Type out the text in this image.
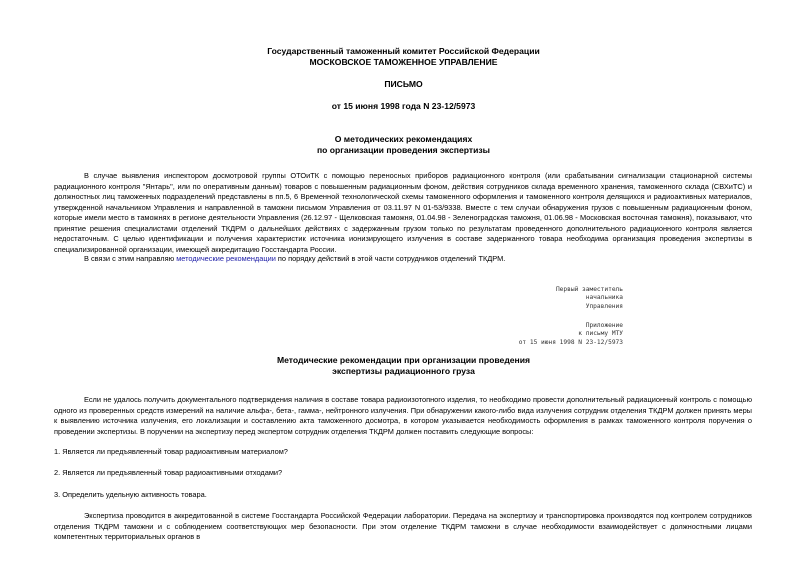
Государственный таможенный комитет Российской Федерации

МОСКОВСКОЕ ТАМОЖЕННОЕ УПРАВЛЕНИЕ

ПИСЬМО

от 15 июня 1998 года N 23-12/5973

О методических рекомендациях

по организации проведения экспертизы

В случае выявления инспектором досмотровой группы ОТОиТК с помощью переносных приборов радиационного контроля (или срабатывании сигнализации стационарной системы радиационного контроля "Янтарь", или по оперативным данным) товаров с повышенным радиационным фоном, действия сотрудников склада временного хранения, таможенного склада (СВХиТС) и должностных лиц таможенных подразделений представлены в пп.5, 6 Временной технологической схемы таможенного оформления и таможенного контроля делящихся и радиоактивных материалов, утвержденной начальником Управления и направленной в таможни письмом Управления от 03.11.97 N 01-53/9338. Вместе с тем случаи обнаружения грузов с повышенным радиационным фоном, которые имели место в таможнях в регионе деятельности Управления (26.12.97 - Щелковская таможня, 01.04.98 - Зеленоградская таможня, 01.06.98 - Московская восточная таможня), показывают, что принятие решения специалистами отделений ТКДРМ о дальнейших действиях с задержанным грузом только по результатам проведенного дополнительного радиационного контроля является недостаточным. С целью идентификации и получения характеристик источника ионизирующего излучения в составе задержанного товара необходима организация проведения экспертизы в специализированной организации, имеющей аккредитацию Госстандарта России.

В связи с этим направляю методические рекомендации по порядку действий в этой части сотрудников отделений ТКДРМ.

Первый заместитель
начальника
Управления
Приложение
к письму МТУ
от 15 июня 1998 N 23-12/5973

Методические рекомендации при организации проведения

экспертизы радиационного груза

Если не удалось получить документального подтверждения наличия в составе товара радиоизотопного изделия, то необходимо провести дополнительный радиационный контроль с помощью одного из проверенных средств измерений на наличие альфа-, бета-, гамма-, нейтронного излучения. При обнаружении какого-либо вида излучения сотрудник отделения ТКДРМ должен принять меры к выявлению источника излучения, его локализации и составлению акта таможенного досмотра, в котором указывается необходимость оформления в рамках таможенного контроля поручения о проведении экспертизы. В поручении на экспертизу перед экспертом сотрудник отделения ТКДРМ должен поставить следующие вопросы:

1. Является ли предъявленный товар радиоактивным материалом?

2. Является ли предъявленный товар радиоактивными отходами?

3. Определить удельную активность товара.

Экспертиза проводится в аккредитованной в системе Госстандарта Российской Федерации лаборатории. Передача на экспертизу и транспортировка производятся под контролем сотрудников отделения ТКДРМ таможни и с соблюдением соответствующих мер безопасности. При этом отделение ТКДРМ таможни в случае необходимости взаимодействует с должностными лицами компетентных территориальных органов в
